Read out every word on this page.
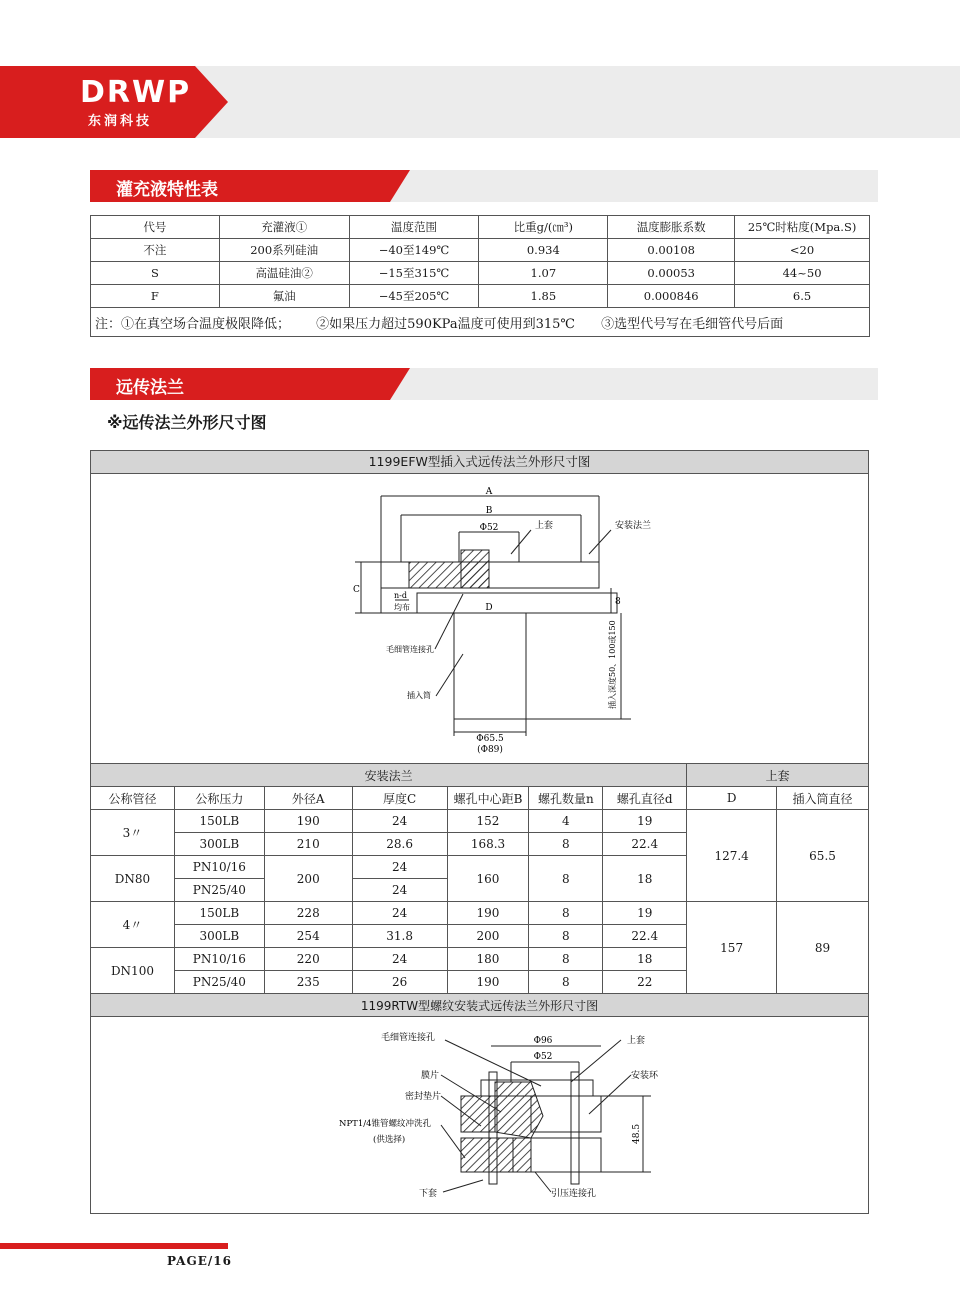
DRWP
东润科技
灌充液特性表
代号	充灌液①	温度范围	比重g/(㎝³)	温度膨胀系数	25℃时粘度(Mpa.S)
不注	200系列硅油	−40至149℃	0.934	0.00108	<20
S	高温硅油②	−15至315℃	1.07	0.00053	44~50
F	氟油	−45至205℃	1.85	0.000846	6.5
注：①在真空场合温度极限降低； ②如果压力超过590KPa温度可使用到315℃ ③选型代号写在毛细管代号后面					
远传法兰
※远传法兰外形尺寸图
1199EFW型插入式远传法兰外形尺寸图
A
B
Φ52	上套	安装法兰
C
8
n-d
均布	D
毛细管连接孔
插入筒	插入深度50、100或150
Φ65.5
(Φ89)
安装法兰							上套	
公称管径	公称压力	外径A	厚度C	螺孔中心距B	螺孔数量n	螺孔直径d	D	插入筒直径
3〃	150LB	190	24	152	4	19	127.4	65.5
	300LB	210	28.6	168.3	8	22.4		
DN80	PN10/16	200	24	160	8	18		
	PN25/40		24					
4〃	150LB	228	24	190	8	19	157	89
	300LB	254	31.8	200	8	22.4		
DN100	PN10/16	220	24	180	8	18		
	PN25/40	235	26	190	8	22		
1199RTW型螺纹安装式远传法兰外形尺寸图								
毛细管连接孔	Φ96
Φ52
上套
膜片	安装环
密封垫片
NPT1/4锥管螺纹冲洗孔
(供选择)	48.5
下套	引压连接孔
PAGE/16
